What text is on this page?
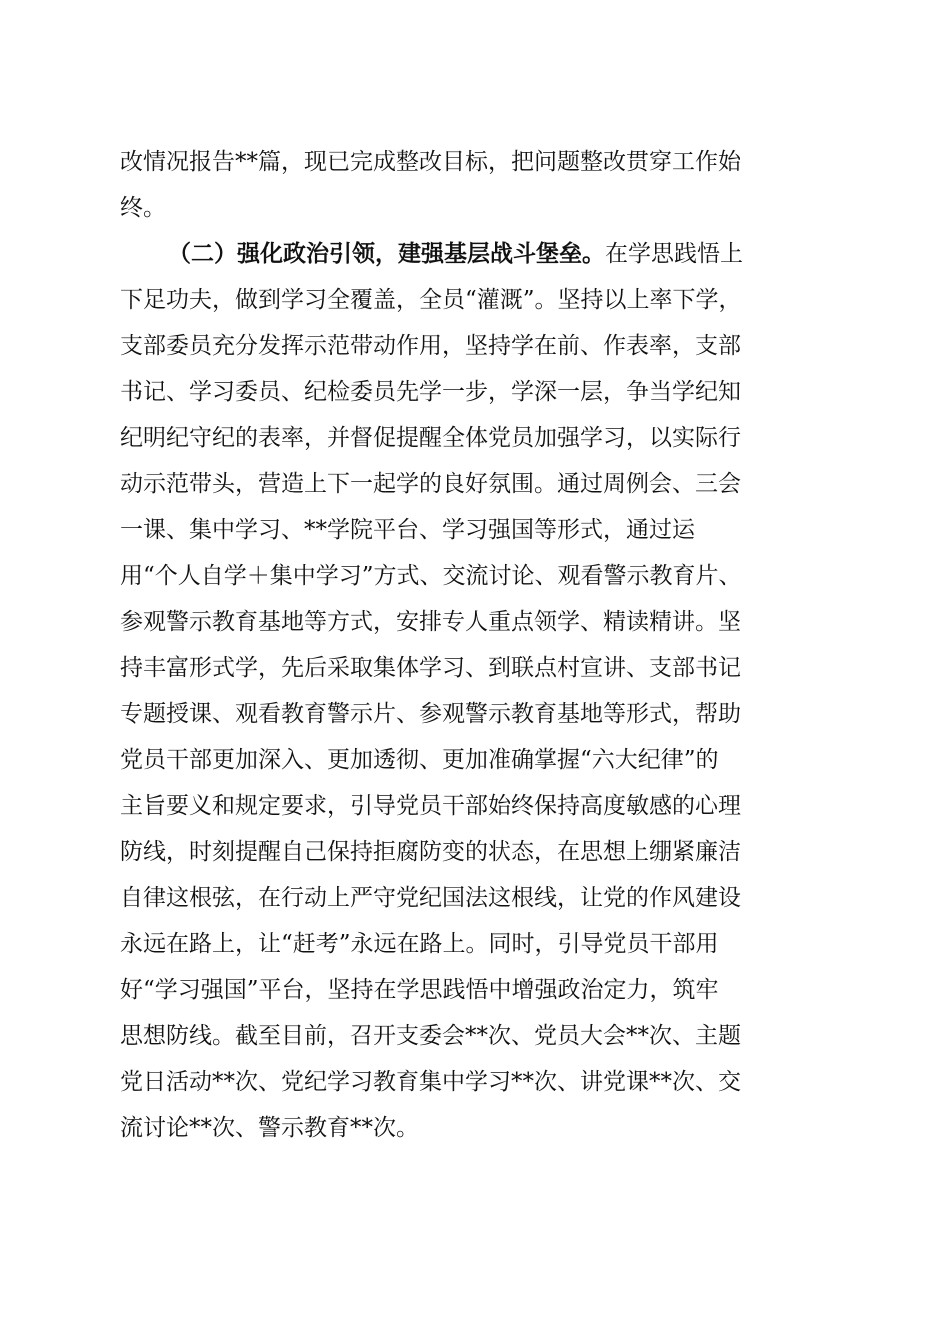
改情况报告**篇，现已完成整改目标，把问题整改贯穿工作始
终。
（二）强化政治引领，建强基层战斗堡垒。在学思践悟上
下足功夫，做到学习全覆盖，全员“灌溉”。坚持以上率下学，
支部委员充分发挥示范带动作用，坚持学在前、作表率，支部
书记、学习委员、纪检委员先学一步，学深一层，争当学纪知
纪明纪守纪的表率，并督促提醒全体党员加强学习，以实际行
动示范带头，营造上下一起学的良好氛围。通过周例会、三会
一课、集中学习、**学院平台、学习强国等形式，通过运
用“个人自学＋集中学习”方式、交流讨论、观看警示教育片、
参观警示教育基地等方式，安排专人重点领学、精读精讲。坚
持丰富形式学，先后采取集体学习、到联点村宣讲、支部书记
专题授课、观看教育警示片、参观警示教育基地等形式，帮助
党员干部更加深入、更加透彻、更加准确掌握“六大纪律”的
主旨要义和规定要求，引导党员干部始终保持高度敏感的心理
防线，时刻提醒自己保持拒腐防变的状态，在思想上绷紧廉洁
自律这根弦，在行动上严守党纪国法这根线，让党的作风建设
永远在路上，让“赶考”永远在路上。同时，引导党员干部用
好“学习强国”平台，坚持在学思践悟中增强政治定力，筑牢
思想防线。截至目前，召开支委会**次、党员大会**次、主题
党日活动**次、党纪学习教育集中学习**次、讲党课**次、交
流讨论**次、警示教育**次。
